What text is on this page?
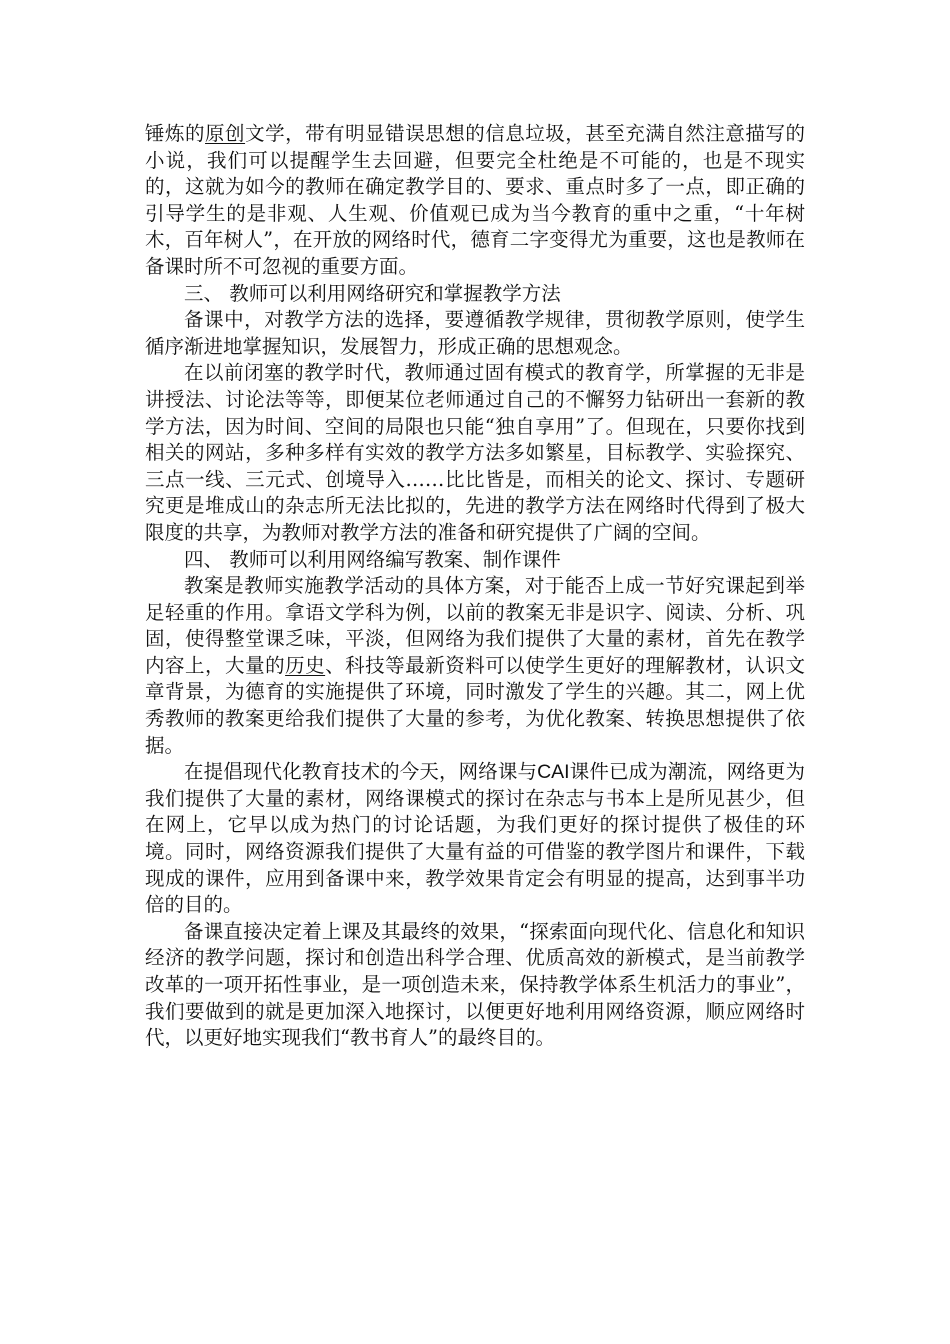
锤炼的原创文学，带有明显错误思想的信息垃圾，甚至充满自然注意描写的小说，我们可以提醒学生去回避，但要完全杜绝是不可能的，也是不现实的，这就为如今的教师在确定教学目的、要求、重点时多了一点，即正确的引导学生的是非观、人生观、价值观已成为当今教育的重中之重，“十年树木，百年树人”，在开放的网络时代，德育二字变得尤为重要，这也是教师在备课时所不可忽视的重要方面。

三、 教师可以利用网络研究和掌握教学方法

备课中，对教学方法的选择，要遵循教学规律，贯彻教学原则，使学生循序渐进地掌握知识，发展智力，形成正确的思想观念。

在以前闭塞的教学时代，教师通过固有模式的教育学，所掌握的无非是讲授法、讨论法等等，即便某位老师通过自己的不懈努力钻研出一套新的教学方法，因为时间、空间的局限也只能“独自享用”了。但现在，只要你找到相关的网站，多种多样有实效的教学方法多如繁星，目标教学、实验探究、三点一线、三元式、创境导入……比比皆是，而相关的论文、探讨、专题研究更是堆成山的杂志所无法比拟的，先进的教学方法在网络时代得到了极大限度的共享，为教师对教学方法的准备和研究提供了广阔的空间。

四、 教师可以利用网络编写教案、制作课件

教案是教师实施教学活动的具体方案，对于能否上成一节好究课起到举足轻重的作用。拿语文学科为例，以前的教案无非是识字、阅读、分析、巩固，使得整堂课乏味，平淡，但网络为我们提供了大量的素材，首先在教学内容上，大量的历史、科技等最新资料可以使学生更好的理解教材，认识文章背景，为德育的实施提供了环境，同时激发了学生的兴趣。其二，网上优秀教师的教案更给我们提供了大量的参考，为优化教案、转换思想提供了依据。

在提倡现代化教育技术的今天，网络课与CAI课件已成为潮流，网络更为我们提供了大量的素材，网络课模式的探讨在杂志与书本上是所见甚少，但在网上，它早以成为热门的讨论话题，为我们更好的探讨提供了极佳的环境。同时，网络资源我们提供了大量有益的可借鉴的教学图片和课件，下载现成的课件，应用到备课中来，教学效果肯定会有明显的提高，达到事半功倍的目的。

备课直接决定着上课及其最终的效果，“探索面向现代化、信息化和知识经济的教学问题，探讨和创造出科学合理、优质高效的新模式，是当前教学改革的一项开拓性事业，是一项创造未来，保持教学体系生机活力的事业”，我们要做到的就是更加深入地探讨，以便更好地利用网络资源，顺应网络时代，以更好地实现我们“教书育人”的最终目的。
